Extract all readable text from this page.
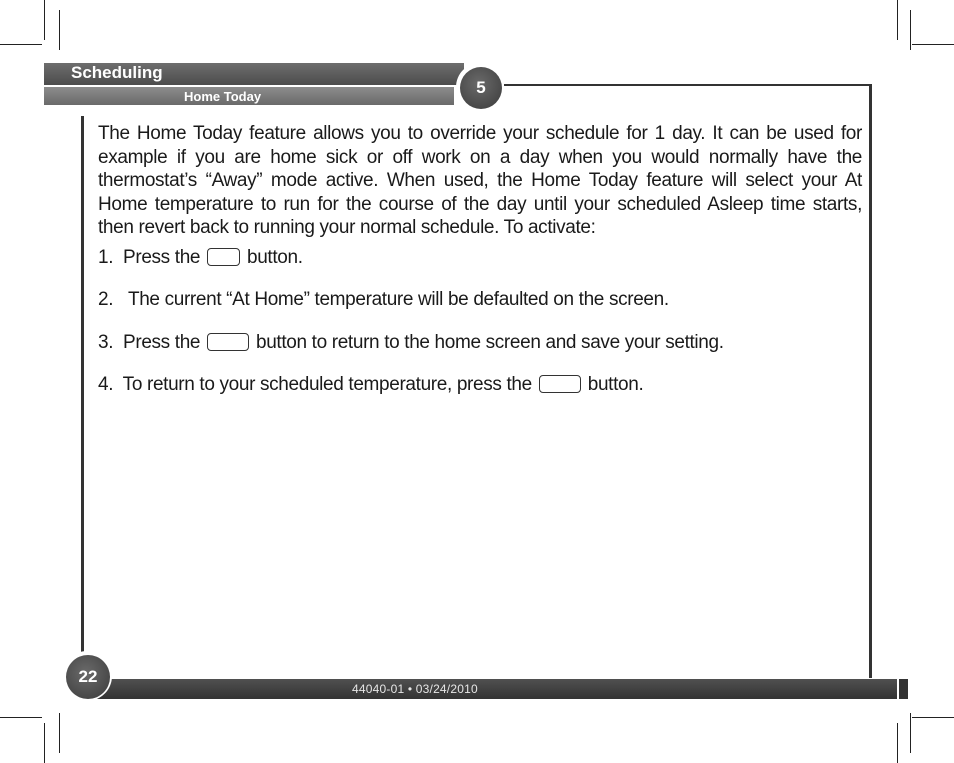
Scheduling
Home Today	5

The Home Today feature allows you to override your schedule for 1 day. It can be used for example if you are home sick or off work on a day when you would normally have the thermostat’s “Away” mode active. When used, the Home Today feature will select your At Home temperature to run for the course of the day until your scheduled Asleep time starts, then revert back to running your normal schedule. To activate:

1. Press the button.

2. The current “At Home” temperature will be defaulted on the screen.

3. Press the	button to return to the home screen and save your setting.

4. To return to your scheduled temperature, press the	button.

44040-01 • 03/24/2010
22
